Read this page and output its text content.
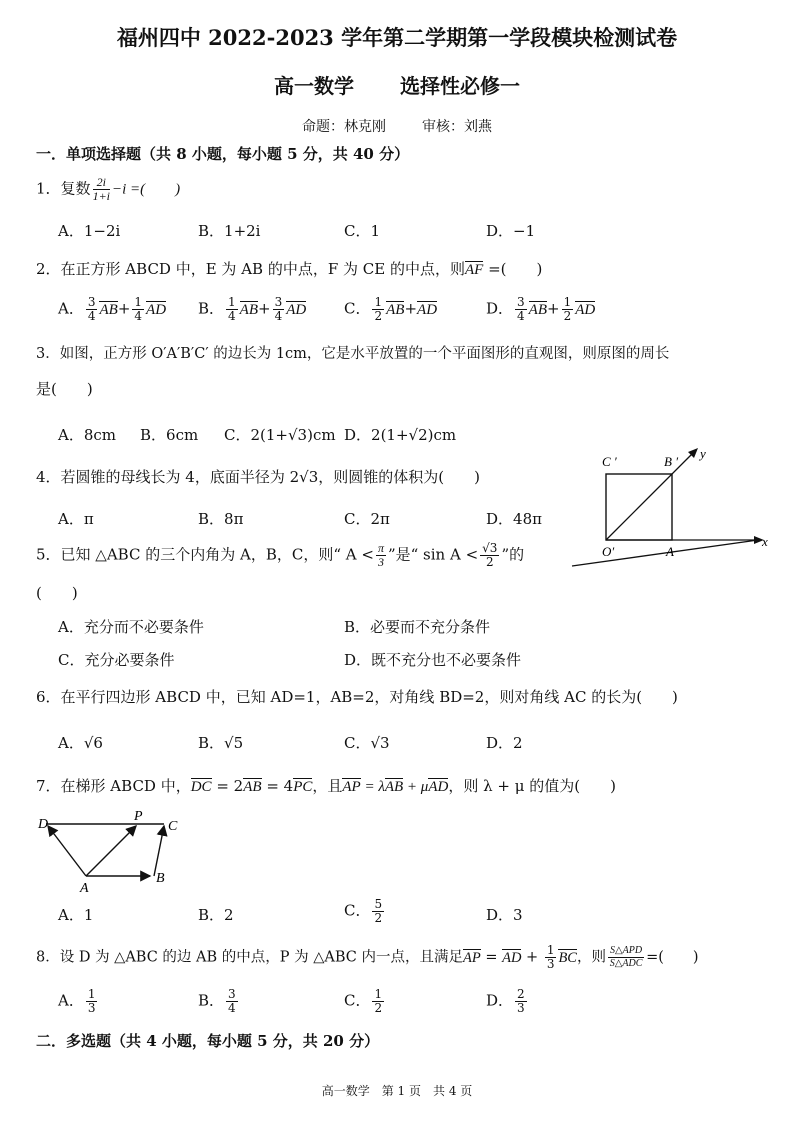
福州四中 2022-2023 学年第二学期第一学段模块检测试卷
高一数学 选择性必修一
命题：林克刚	审核：刘燕
一．单项选择题（共 8 小题，每小题 5 分，共 40 分）
1．复数 $\frac{2i}{1+i} -i$ =(　　)
A．1−2i	B．1+2i	C．1	D．−1
2．在正方形 ABCD 中，E 为 AB 的中点，F 为 CE 的中点，则AF =(　　)
A． $\frac{3}{4} AB+ \frac{1}{4}$ AD B． $\frac{1}{4} AB+ \frac{3}{4}$ AD	C． $\frac{1}{2} AB+AD$	D． $\frac{3}{4} AB+ \frac{1}{2}$ AD
3．如图，正方形 O′A′B′C′ 的边长为 1cm，它是水平放置的一个平面图形的直观图，则原图的周长
是(　　)
A．8cm B．6cm C．2(1+√3)cm D．2(1+√2)cm
C ′	B ′
y
O′	A
x
4．若圆锥的母线长为 4，底面半径为 2√3，则圆锥的体积为(　　)
A．π	B．8π	C．2π	D．48π
5．已知 △ABC 的三个内角为 A，B，C，则“ $A < \frac{\pi}{3}$ ”是“ $\sin A < \frac{√3}{2}$ ”的
(　　)
A．充分而不必要条件	B．必要而不充分条件
C．充分必要条件	D．既不充分也不必要条件
6．在平行四边形 ABCD 中，已知 AD=1，AB=2，对角线 BD=2，则对角线 AC 的长为(　　)
A．√6	B．√5	C．√3	D．2
7．在梯形 ABCD 中，DC = 2AB = 4PC，且AP = λAB + μAD，则 λ + μ 的值为(　　)
D
P
C
A
B
A．1	B．2	C． $\frac{5}{2}$	D．3
8．设 D 为 △ABC 的边 AB 的中点，P 为 △ABC 内一点，且满足AP = AD + $\frac{1}{3}$ BC，则 $\frac{\text{S△APD}}{\text{S△ADC}}$ =(　　)
A． $\frac{1}{3}$	B． $\frac{3}{4}$	C． $\frac{1}{2}$	D． $\frac{2}{3}$
二．多选题（共 4 小题，每小题 5 分，共 20 分）
高一数学　第 1 页　共 4 页
